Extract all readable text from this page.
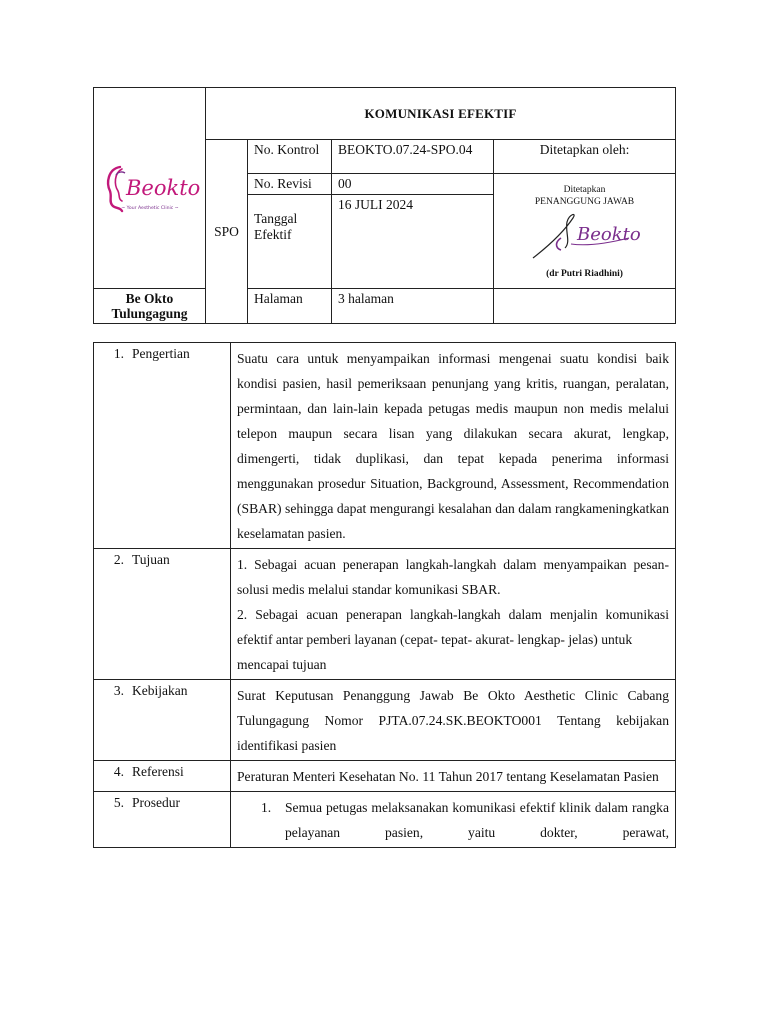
Beokto
~ Your Aesthetic Clinic ~	KOMUNIKASI EFEKTIF			
	SPO	No. Kontrol	BEOKTO.07.24-SPO.04	Ditetapkan oleh:
		No. Revisi	00	Ditetapkan
PENANGGUNG JAWAB
Beokto
(dr Putri Riadhini)

		Tanggal Efektif	16 JULI 2024	
Be Okto Tulungagung		Halaman	3 halaman	
1. Pengertian	Suatu cara untuk menyampaikan informasi mengenai suatu kondisi baik kondisi pasien, hasil pemeriksaan penunjang yang kritis, ruangan, peralatan, permintaan, dan lain-lain kepada petugas medis maupun non medis melalui telepon maupun secara lisan yang dilakukan secara akurat, lengkap, dimengerti, tidak duplikasi, dan tepat kepada penerima informasi menggunakan prosedur Situation, Background, Assessment, Recommendation (SBAR) sehingga dapat mengurangi kesalahan dan dalam rangkameningkatkan keselamatan pasien.

2. Tujuan	1. Sebagai acuan penerapan langkah-langkah dalam menyampaikan pesan- solusi medis melalui standar komunikasi SBAR.

2. Sebagai acuan penerapan langkah-langkah dalam menjalin komunikasi efektif antar pemberi layanan (cepat- tepat- akurat- lengkap- jelas) untuk

mencapai tujuan

3. Kebijakan	Surat Keputusan Penanggung Jawab Be Okto Aesthetic Clinic Cabang Tulungagung Nomor PJTA.07.24.SK.BEOKTO001 Tentang kebijakan identifikasi pasien

4. Referensi	Peraturan Menteri Kesehatan No. 11 Tahun 2017 tentang Keselamatan Pasien

5. Prosedur	1. Semua petugas melaksanakan komunikasi efektif klinik dalam rangka pelayanan pasien, yaitu dokter, perawat,
